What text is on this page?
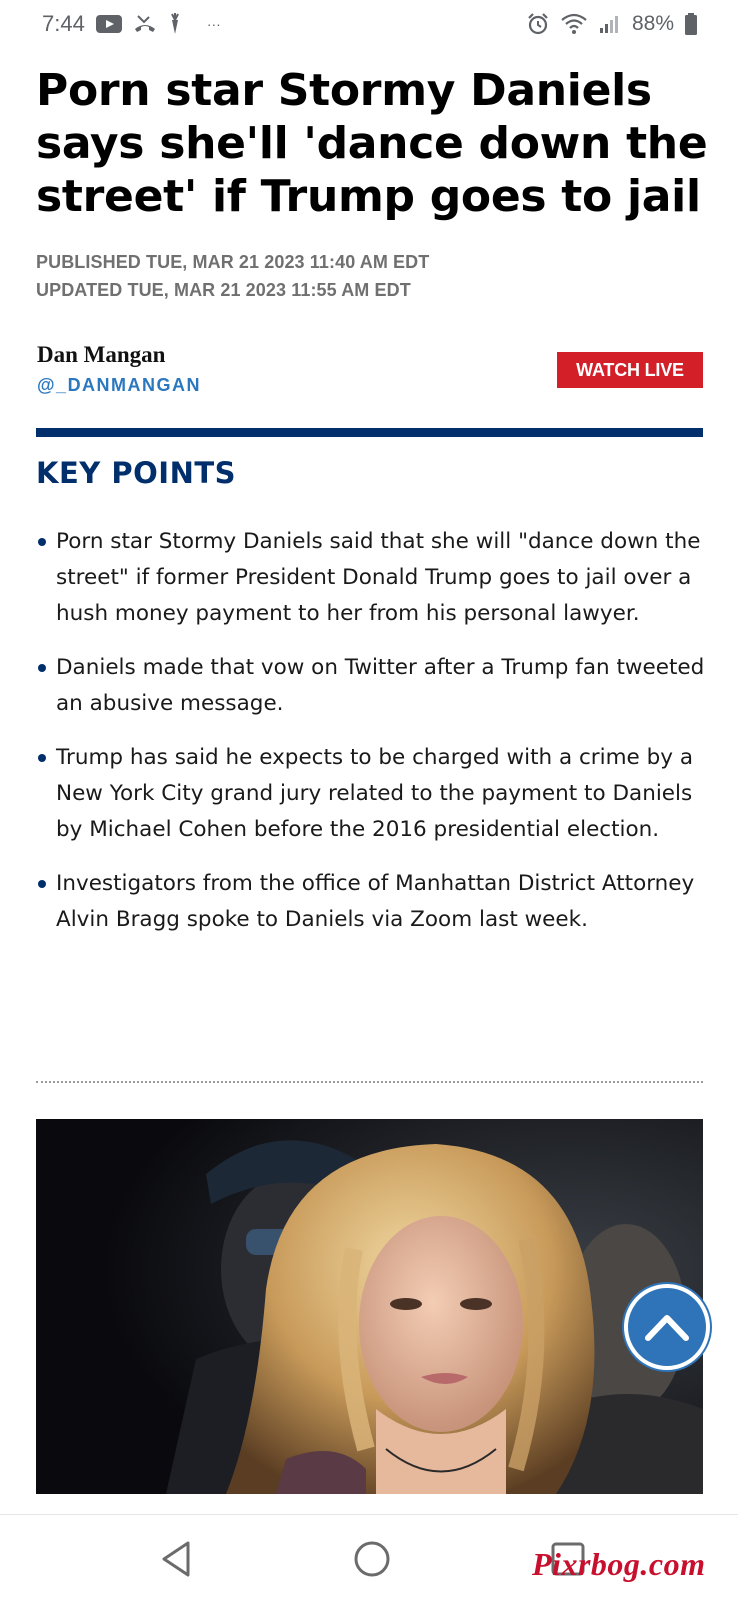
7:44	···	88%
Porn star Stormy Daniels says she'll 'dance down the street' if Trump goes to jail
PUBLISHED TUE, MAR 21 2023 11:40 AM EDT
UPDATED TUE, MAR 21 2023 11:55 AM EDT
Dan Mangan
@_DANMANGAN
WATCH LIVE
KEY POINTS
Porn star Stormy Daniels said that she will "dance down the street" if former President Donald Trump goes to jail over a hush money payment to her from his personal lawyer.
Daniels made that vow on Twitter after a Trump fan tweeted an abusive message.
Trump has said he expects to be charged with a crime by a New York City grand jury related to the payment to Daniels by Michael Cohen before the 2016 presidential election.
Investigators from the office of Manhattan District Attorney Alvin Bragg spoke to Daniels via Zoom last week.
Pixrbog.com
